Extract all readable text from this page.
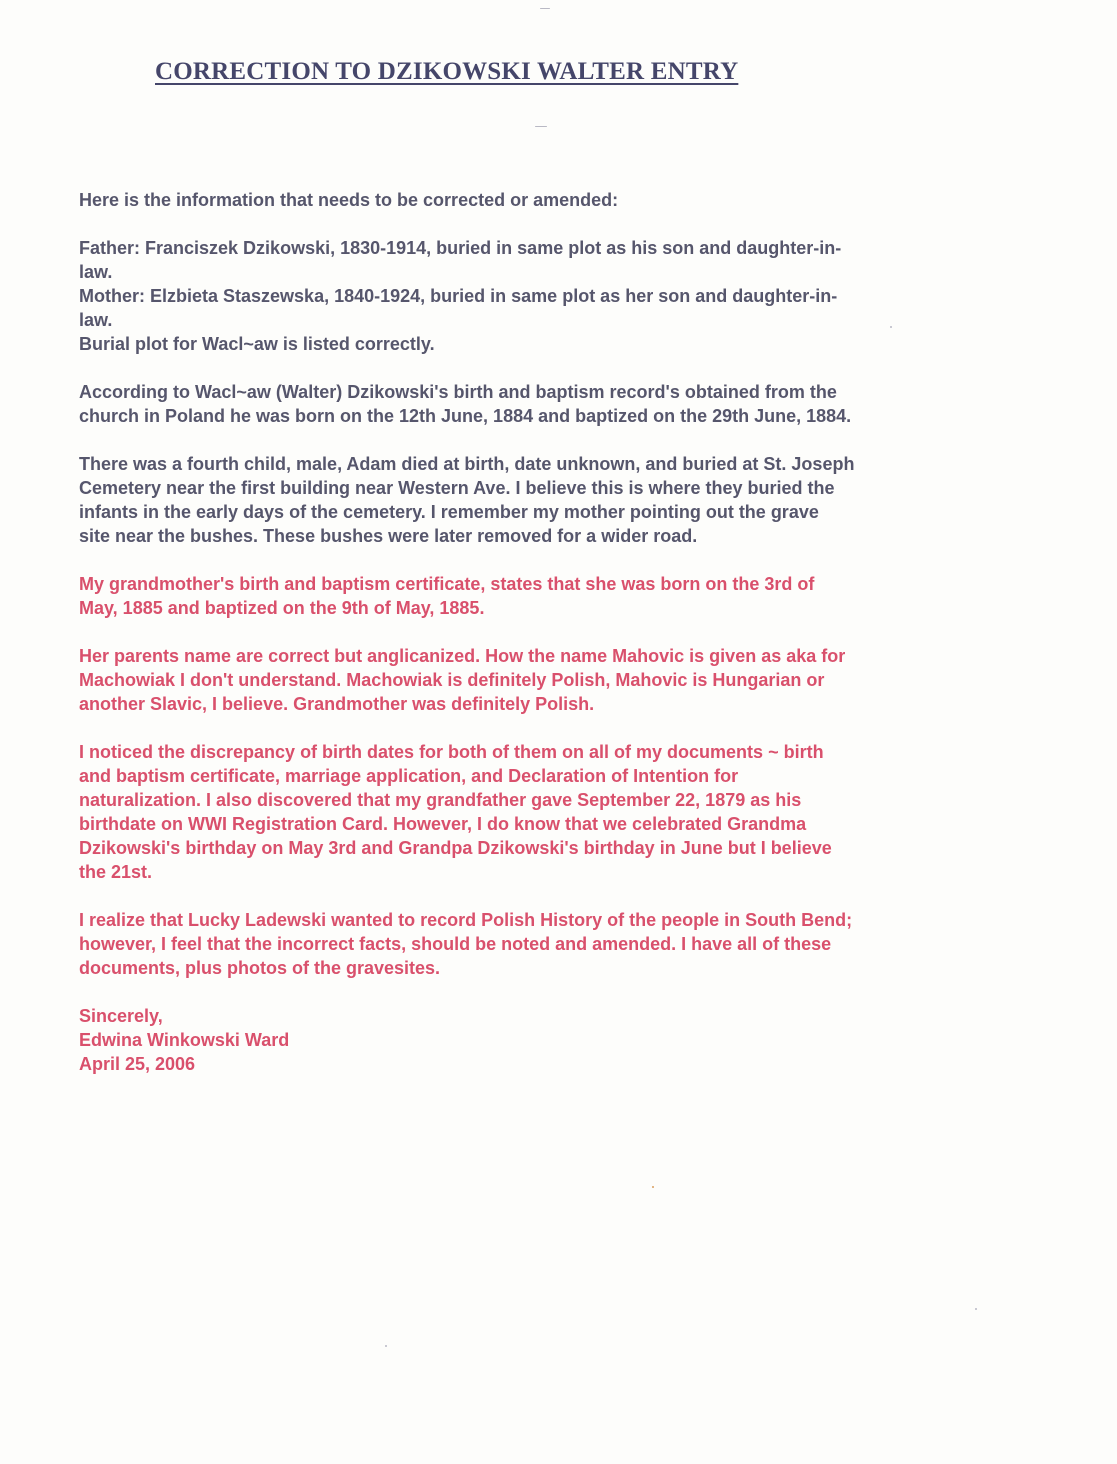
CORRECTION TO DZIKOWSKI WALTER ENTRY
Here is the information that needs to be corrected or amended:
Father: Franciszek Dzikowski, 1830-1914, buried in same plot as his son and daughter-in-
law.
Mother: Elzbieta Staszewska, 1840-1924, buried in same plot as her son and daughter-in-
law.
Burial plot for Wacl~aw is listed correctly.
According to Wacl~aw (Walter) Dzikowski's birth and baptism record's obtained from the
church in Poland he was born on the 12th June, 1884 and baptized on the 29th June, 1884.
There was a fourth child, male, Adam died at birth, date unknown, and buried at St. Joseph
Cemetery near the first building near Western Ave. I believe this is where they buried the
infants in the early days of the cemetery. I remember my mother pointing out the grave
site near the bushes. These bushes were later removed for a wider road.
My grandmother's birth and baptism certificate, states that she was born on the 3rd of
May, 1885 and baptized on the 9th of May, 1885.
Her parents name are correct but anglicanized. How the name Mahovic is given as aka for
Machowiak I don't understand. Machowiak is definitely Polish, Mahovic is Hungarian or
another Slavic, I believe. Grandmother was definitely Polish.
I noticed the discrepancy of birth dates for both of them on all of my documents ~ birth
and baptism certificate, marriage application, and Declaration of Intention for
naturalization. I also discovered that my grandfather gave September 22, 1879 as his
birthdate on WWI Registration Card. However, I do know that we celebrated Grandma
Dzikowski's birthday on May 3rd and Grandpa Dzikowski's birthday in June but I believe
the 21st.
I realize that Lucky Ladewski wanted to record Polish History of the people in South Bend;
however, I feel that the incorrect facts, should be noted and amended. I have all of these
documents, plus photos of the gravesites.
Sincerely,
Edwina Winkowski Ward
April 25, 2006
